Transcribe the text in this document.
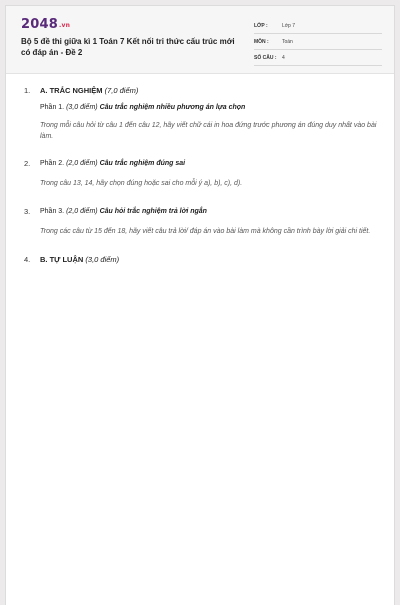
2048.vn
Bộ 5 đề thi giữa kì 1 Toán 7 Kết nối tri thức cấu trúc mới có đáp án - Đề 2
LỚP :	Lớp 7
MÔN :	Toán
SỐ CÂU :	4
1.	A. TRẮC NGHIỆM (7,0 điểm)
Phần 1. (3,0 điểm) Câu trắc nghiệm nhiều phương án lựa chọn
Trong mỗi câu hỏi từ câu 1 đến câu 12, hãy viết chữ cái in hoa đứng trước phương án đúng duy nhất vào bài làm.
2.	Phần 2. (2,0 điểm) Câu trắc nghiệm đúng sai
Trong câu 13, 14, hãy chọn đúng hoặc sai cho mỗi ý a), b), c), d).
3.	Phần 3. (2,0 điểm) Câu hỏi trắc nghiệm trả lời ngắn
Trong các câu từ 15 đến 18, hãy viết câu trả lời/ đáp án vào bài làm mà không cần trình bày lời giải chi tiết.
4.	B. TỰ LUẬN (3,0 điểm)
